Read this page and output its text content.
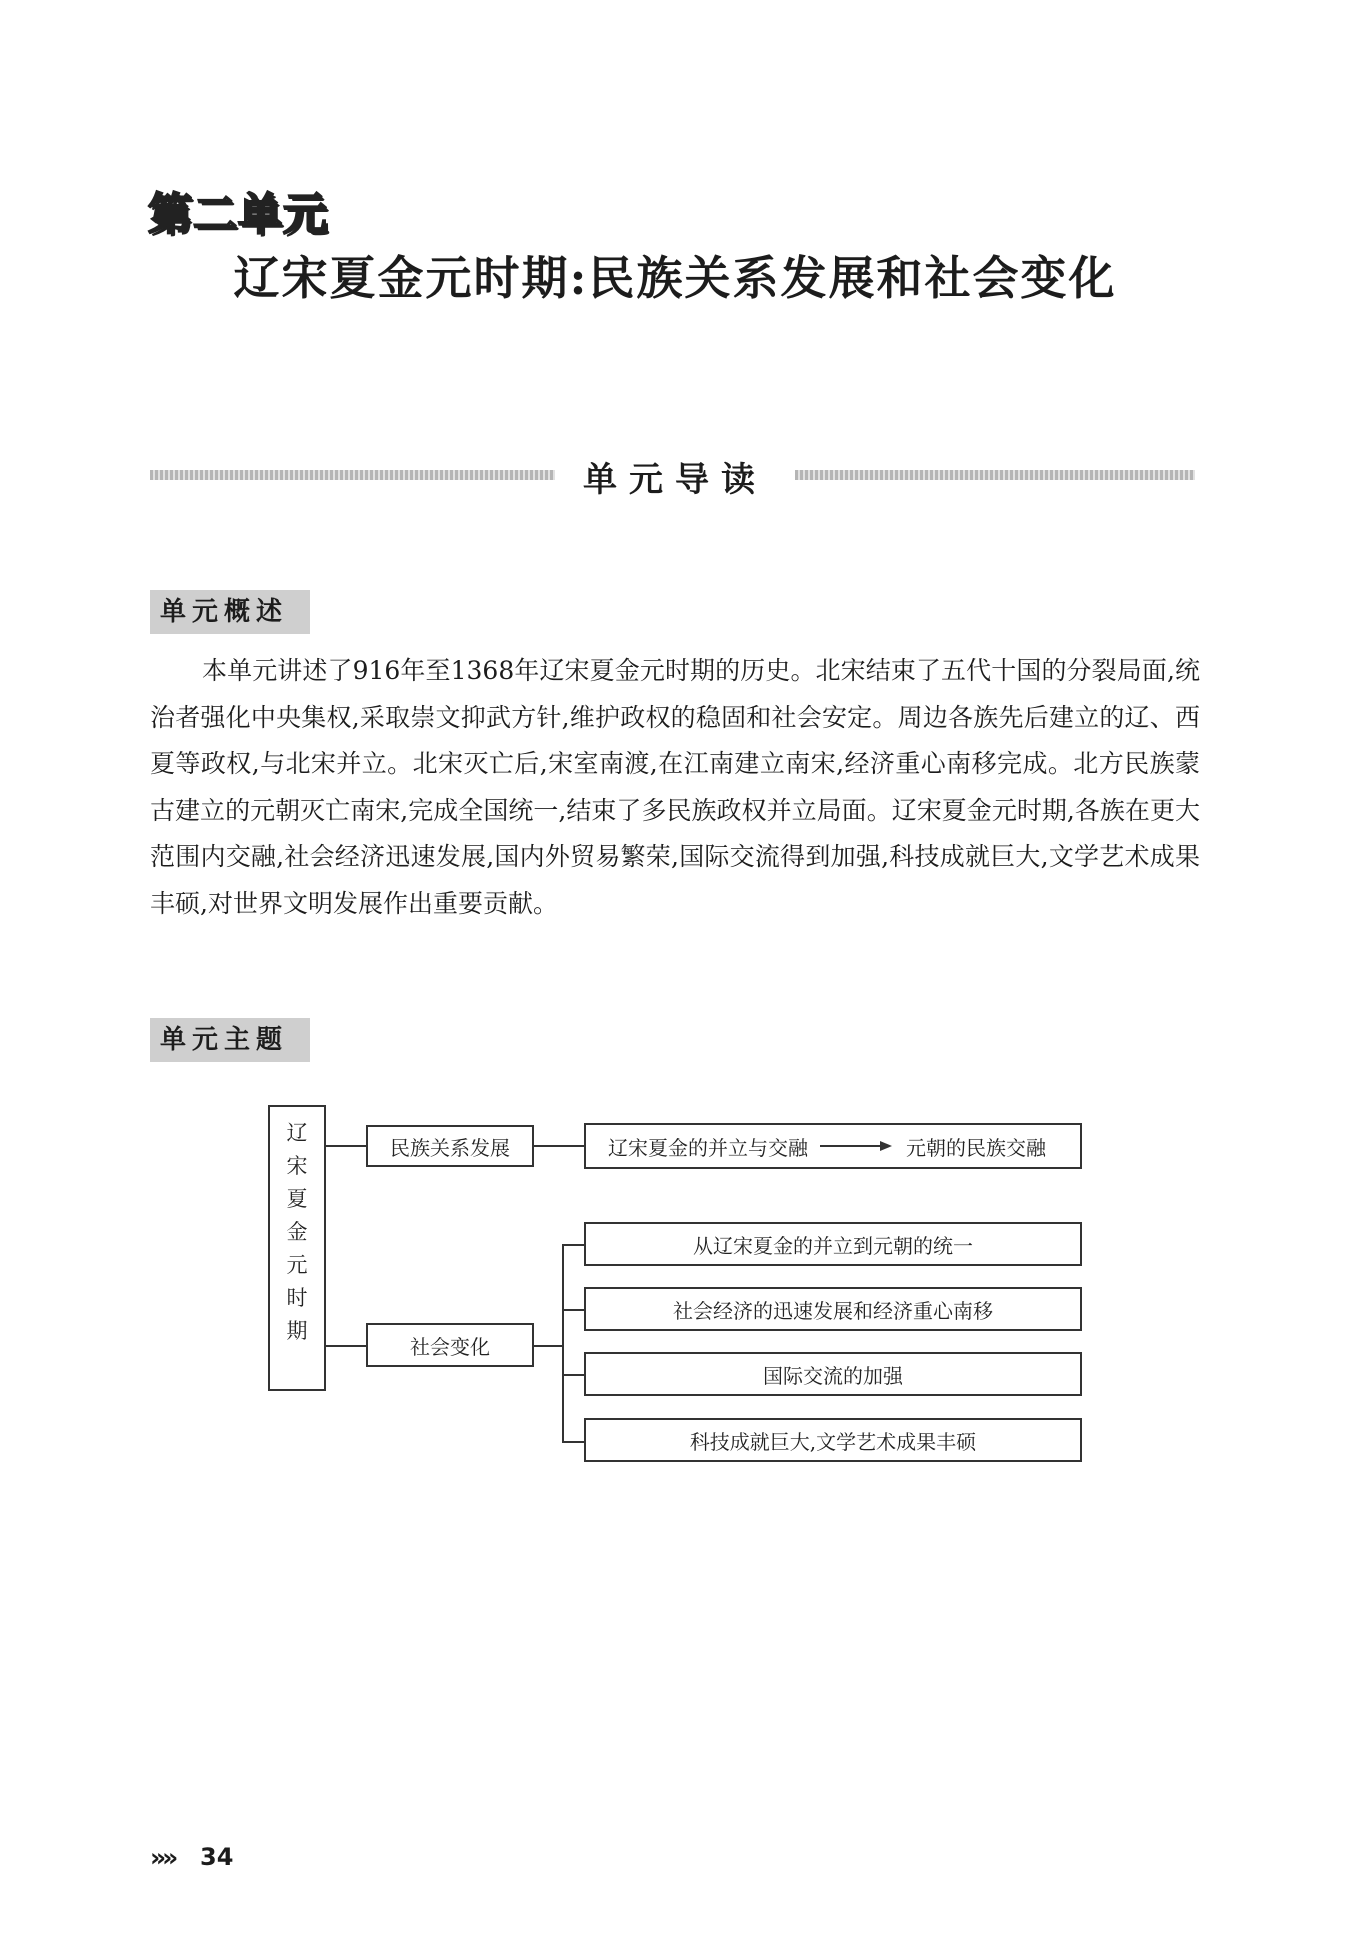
第二单元
辽宋夏金元时期:民族关系发展和社会变化
单元导读
单元概述

本单元讲述了916年至1368年辽宋夏金元时期的历史。北宋结束了五代十国的分裂局面,统治者强化中央集权,采取崇文抑武方针,维护政权的稳固和社会安定。周边各族先后建立的辽、西夏等政权,与北宋并立。北宋灭亡后,宋室南渡,在江南建立南宋,经济重心南移完成。北方民族蒙古建立的元朝灭亡南宋,完成全国统一,结束了多民族政权并立局面。辽宋夏金元时期,各族在更大范围内交融,社会经济迅速发展,国内外贸易繁荣,国际交流得到加强,科技成就巨大,文学艺术成果丰硕,对世界文明发展作出重要贡献。

单元主题
辽
宋
夏
金
元
时
期
民族关系发展	辽宋夏金的并立与交融	元朝的民族交融
社会变化
从辽宋夏金的并立到元朝的统一
社会经济的迅速发展和经济重心南移
国际交流的加强
科技成就巨大,文学艺术成果丰硕
»» 34
